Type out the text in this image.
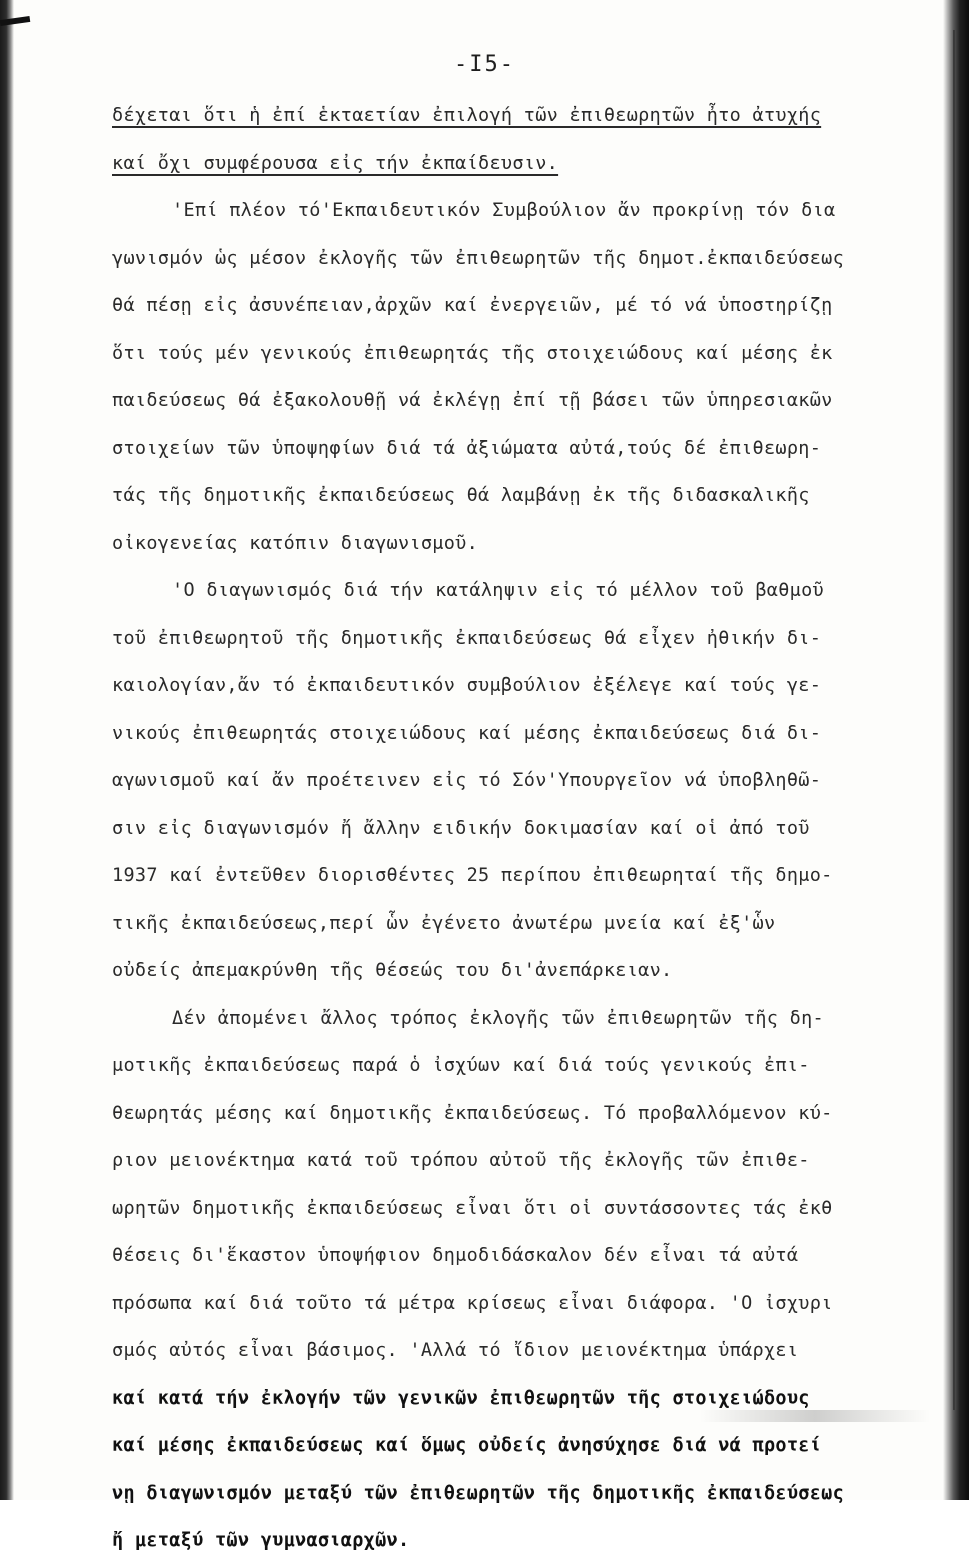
-I5-
δέχεται ὅτι ἡ ἐπί ἑκταετίαν ἐπιλογή τῶν ἐπιθεωρητῶν ἦτο ἀτυχής
καί ὄχι συμφέρουσα εἰς τήν ἐκπαίδευσιν.
'Επί πλέον τό'Εκπαιδευτικόν Συμβούλιον ἄν προκρίνῃ τόν δια
γωνισμόν ὡς μέσον ἐκλογῆς τῶν ἐπιθεωρητῶν τῆς δημοτ.ἐκπαιδεύσεως
θά πέσῃ εἰς ἀσυνέπειαν,ἀρχῶν καί ἐνεργειῶν, μέ τό νά ὑποστηρίζῃ
ὅτι τούς μέν γενικούς ἐπιθεωρητάς τῆς στοιχειώδους καί μέσης ἐκ
παιδεύσεως θά ἐξακολουθῇ νά ἐκλέγῃ ἐπί τῇ βάσει τῶν ὑπηρεσιακῶν
στοιχείων τῶν ὑποψηφίων διά τά ἀξιώματα αὐτά,τούς δέ ἐπιθεωρη-
τάς τῆς δημοτικῆς ἐκπαιδεύσεως θά λαμβάνῃ ἐκ τῆς διδασκαλικῆς
οἰκογενείας κατόπιν διαγωνισμοῦ.
'Ο διαγωνισμός διά τήν κατάληψιν εἰς τό μέλλον τοῦ βαθμοῦ
τοῦ ἐπιθεωρητοῦ τῆς δημοτικῆς ἐκπαιδεύσεως θά εἶχεν ἠθικήν δι-
καιολογίαν,ἄν τό ἐκπαιδευτικόν συμβούλιον ἐξέλεγε καί τούς γε-
νικούς ἐπιθεωρητάς στοιχειώδους καί μέσης ἐκπαιδεύσεως διά δι-
αγωνισμοῦ καί ἄν προέτεινεν εἰς τό Σόν'Υπουργεῖον νά ὑποβληθῶ-
σιν εἰς διαγωνισμόν ἤ ἄλλην ειδικήν δοκιμασίαν καί οἱ ἀπό τοῦ
1937 καί ἐντεῦθεν διορισθέντες 25 περίπου ἐπιθεωρηταί τῆς δημο-
τικῆς ἐκπαιδεύσεως,περί ὧν ἐγένετο ἀνωτέρω μνεία καί ἐξ'ὧν
οὐδείς ἀπεμακρύνθη τῆς θέσεώς του δι'ἀνεπάρκειαν.
Δέν ἀπομένει ἄλλος τρόπος ἐκλογῆς τῶν ἐπιθεωρητῶν τῆς δη-
μοτικῆς ἐκπαιδεύσεως παρά ὁ ἰσχύων καί διά τούς γενικούς ἐπι-
θεωρητάς μέσης καί δημοτικῆς ἐκπαιδεύσεως. Τό προβαλλόμενον κύ-
ριον μειονέκτημα κατά τοῦ τρόπου αὐτοῦ τῆς ἐκλογῆς τῶν ἐπιθε-
ωρητῶν δημοτικῆς ἐκπαιδεύσεως εἶναι ὅτι οἱ συντάσσοντες τάς ἐκθ
θέσεις δι'ἕκαστον ὑποψήφιον δημοδιδάσκαλον δέν εἶναι τά αὐτά
πρόσωπα καί διά τοῦτο τά μέτρα κρίσεως εἶναι διάφορα. 'Ο ἰσχυρι
σμός αὐτός εἶναι βάσιμος. 'Αλλά τό ἴδιον μειονέκτημα ὑπάρχει
καί κατά τήν ἐκλογήν τῶν γενικῶν ἐπιθεωρητῶν τῆς στοιχειώδους
καί μέσης ἐκπαιδεύσεως καί ὅμως οὐδείς ἀνησύχησε διά νά προτεί
νῃ διαγωνισμόν μεταξύ τῶν ἐπιθεωρητῶν τῆς δημοτικῆς ἐκπαιδεύσεως
ἤ μεταξύ τῶν γυμνασιαρχῶν.
